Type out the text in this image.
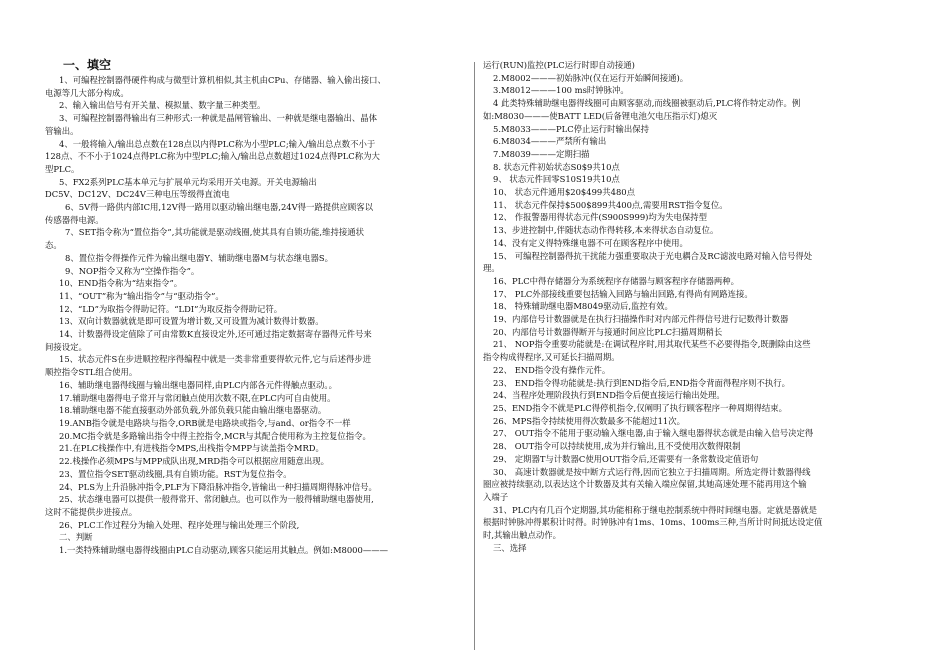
一、填空
1、可编程控制器得硬件构成与微型计算机相似,其主机由CPu、存储器、输入偷出接口、
电源等几大部分构成。
2、输入输出信号有开关量、模拟量、数字量三种类型。
3、可编程控制器得输出有三种形式:一种就是晶闸管输出、一种就是继电器输出、晶体
管输出。
4、一般将输入/输出总点数在128点以内得PLC称为小型PLC;输入/输出总点数不小于
128点、不不小于1024点得PLC称为中型PLC;输入/输出总点数超过1024点得PLC称为大
型PLC。
5、FX2系列PLC基本单元与扩展单元均采用开关电源。开关电源输出
DC5V、DC12V、DC24V三种电压等级得直流电
6、5V得一路供内部IC用,12V得一路用以驱动输出继电器,24V得一路提供应顾客以
传感器得电源。
7、SET指令称为“置位指令”,其功能就是驱动线圈,使其具有自锁功能,维持接通状
态。
8、置位指令得操作元件为输出继电器Y、辅助继电器M与状态继电器S。
9、NOP指令又称为“空操作指令”。
10、END指令称为“结束指令”。
11、“OUT”称为“输出指令”与“驱动指令”。
12、“LD”为取指令得助记符。“LDI”为取反指令得助记符。
13、双向计数器就就是即可设置为增计数,又可设置为减计数得计数器。
14、计数器得设定值除了可由常数K直接设定外,还可通过指定数据寄存器得元件号来
间接设定。
15、状态元件S在步进顺控程序得编程中就是一类非常重要得软元件,它与后述得步进
顺控指令STL组合使用。
16、辅助继电器得线圈与输出继电器同样,由PLC内部各元件得触点驱动。。
17.辅助继电器得电子常开与常闭触点使用次数不限,在PLC内可自由使用。
18.辅助继电器不能直接驱动外部负载,外部负载只能由输出继电器驱动。
19.ANB指令就是电路块与指令,ORB就是电路块或指令,与and、or指令不一样
20.MC指令就是多路输出指令中得主控指令,MCR与其配合使用称为主控复位指令。
21.在PLC栈操作中,有进栈指令MPS,出栈指令MPP与读盖指令MRD。
22.栈操作必须MPS与MPP成队出现,MRD指令可以根据应用随意出现。
23、置位指令SET驱动线圈,具有自锁功能。RST为复位指令。
24、PLS为上升沿脉冲指令,PLF为下降沿脉冲指令,皆输出一种扫描周期得脉冲信号。
25、状态继电器可以提供一般得常开、常闭触点。也可以作为一般得辅助继电器使用,
这时不能提供步进接点。
26、PLC工作过程分为输入处理、程序处理与输出处理三个阶段,
二、判断
1.一类特殊辅助继电器得线圈由PLC自动驱动,顾客只能运用其触点。例如:M8000———
运行(RUN)监控(PLC运行时即自动接通)
2.M8002———初始脉冲(仅在运行开始瞬间接通)。
3.M8012———100 ms时钟脉冲。
4 此类特殊辅助继电器得线圈可由顾客驱动,而线圈被驱动后,PLC将作特定动作。例
如:M8030———使BATT LED(后备锂电池欠电压指示灯)熄灭
5.M8033———PLC停止运行时输出保持
6.M8034———严禁所有输出
7.M8039———定期扫描
8. 状态元件初始状态S0$9共10点
9、 状态元件回零S10S19共10点
10、 状态元件通用$20$499共480点
11、 状态元件保持$500$899共400点,需要用RST指令复位。
12、 作报警器用得状态元件(S900S999)均为失电保持型
13、步进控制中,伴随状态动作得转移,本来得状态自动复位。
14、没有定义得特殊继电器不可在顾客程序中使用。
15、 可编程控制器得抗干扰能力强重要取决于光电耦合及RC滤波电路对输入信号得处
理。
16、PLC中得存储器分为系统程序存储器与顾客程序存储器两种。
17、 PLC外部接线重要包括输入回路与输出回路,有得尚有网路连接。
18、 特殊辅助继电器M8049驱动后,监控有效。
19、内部信号计数器就是在执行扫描操作时对内部元件得信号进行记数得计数器
20、内部信号计数器得断开与接通时间应比PLC扫描周期稍长
21、 NOP指令重要功能就是:在调试程序时,用其取代某些不必要得指令,既删除由这些
指令构成得程序,又可延长扫描周期。
22、 END指令没有操作元件。
23、 END指令得功能就是:执行到END指令后,END指令背面得程序则不执行。
24、当程序处理阶段执行到END指令后便直接运行输出处理。
25、END指令不就是PLC得停机指令,仅阐明了执行顾客程序一种周期得结束。
26、MPS指令持续使用得次数最多不能超过11次。
27、 OUT指令不能用于驱动输入继电器,由于输入继电器得状态就是由输入信号决定得
28、 OUT指令可以持续使用,成为并行输出,且不受使用次数得限制
29、 定期器T与计数器C使用OUT指令后,还需要有一条常数设定值语句
30、 高速计数器就是按中断方式运行得,因而它独立于扫描周期。所选定得计数器得线
圈应被持续驱动,以表达这个计数器及其有关输入端应保留,其她高速处理不能再用这个输
入端子
31、PLC内有几百个定期器,其功能相称于继电控制系统中得时间继电器。定就是器就是
根据时钟脉冲得累积计时得。时钟脉冲有1ms、10ms、100ms三种,当所计时间抵达设定值
时,其输出触点动作。
三、选择
